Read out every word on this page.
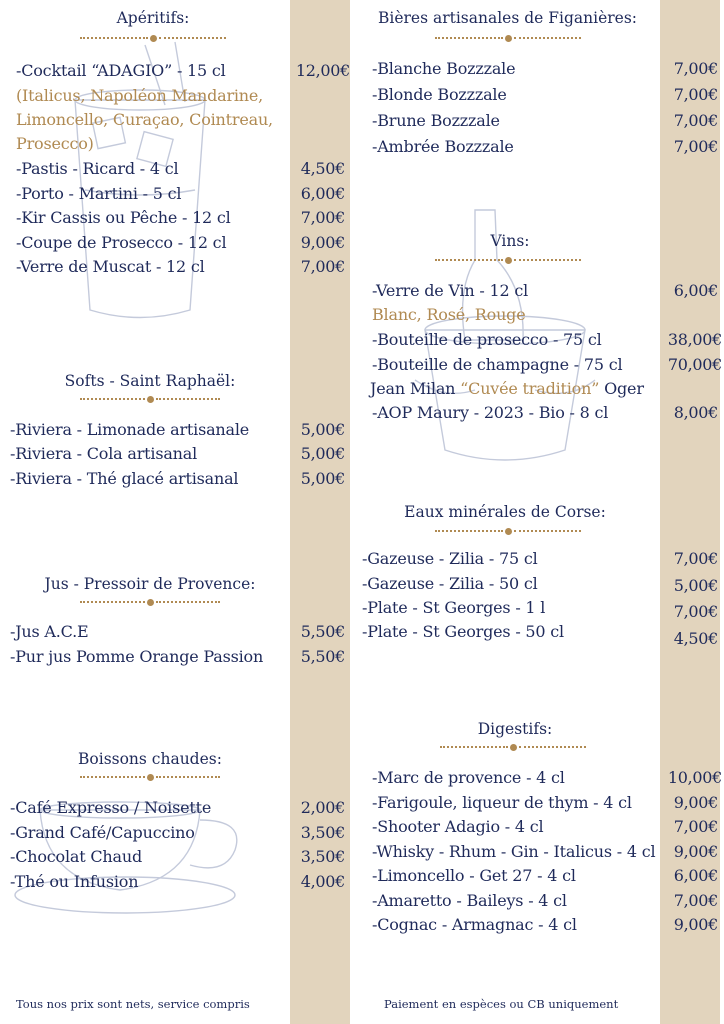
Apéritifs:
-Cocktail “ADAGIO” - 15 cl	12,00€
(Italicus, Napoléon Mandarine,
Limoncello, Curaçao, Cointreau,
Prosecco)
-Pastis - Ricard - 4 cl	4,50€
-Porto - Martini - 5 cl	6,00€
-Kir Cassis ou Pêche - 12 cl	7,00€
-Coupe de Prosecco - 12 cl	9,00€
-Verre de Muscat - 12 cl	7,00€
Softs - Saint Raphaël:
-Riviera - Limonade artisanale	5,00€
-Riviera - Cola artisanal	5,00€
-Riviera - Thé glacé artisanal	5,00€
Jus - Pressoir de Provence:
-Jus A.C.E	5,50€
-Pur jus Pomme Orange Passion	5,50€
Boissons chaudes:
-Café Expresso / Noisette	2,00€
-Grand Café/Capuccino	3,50€
-Chocolat Chaud	3,50€
-Thé ou Infusion	4,00€
Bières artisanales de Figanières:
-Blanche Bozzzale	7,00€
-Blonde Bozzzale	7,00€
-Brune Bozzzale	7,00€
-Ambrée Bozzzale	7,00€
Vins:
-Verre de Vin - 12 cl	6,00€
Blanc, Rosé, Rouge
-Bouteille de prosecco - 75 cl	38,00€
-Bouteille de champagne - 75 cl	70,00€
Jean Milan “Cuvée tradition” Oger
-AOP Maury - 2023 - Bio - 8 cl	8,00€
Eaux minérales de Corse:
-Gazeuse - Zilia - 75 cl	7,00€
-Gazeuse - Zilia - 50 cl	5,00€
-Plate - St Georges - 1 l	7,00€
-Plate - St Georges - 50 cl	4,50€
Digestifs:
-Marc de provence - 4 cl	10,00€
-Farigoule, liqueur de thym - 4 cl	9,00€
-Shooter Adagio - 4 cl	7,00€
-Whisky - Rhum - Gin - Italicus - 4 cl	9,00€
-Limoncello - Get 27 - 4 cl	6,00€
-Amaretto - Baileys - 4 cl	7,00€
-Cognac - Armagnac - 4 cl	9,00€
Tous nos prix sont nets, service compris	Paiement en espèces ou CB uniquement
